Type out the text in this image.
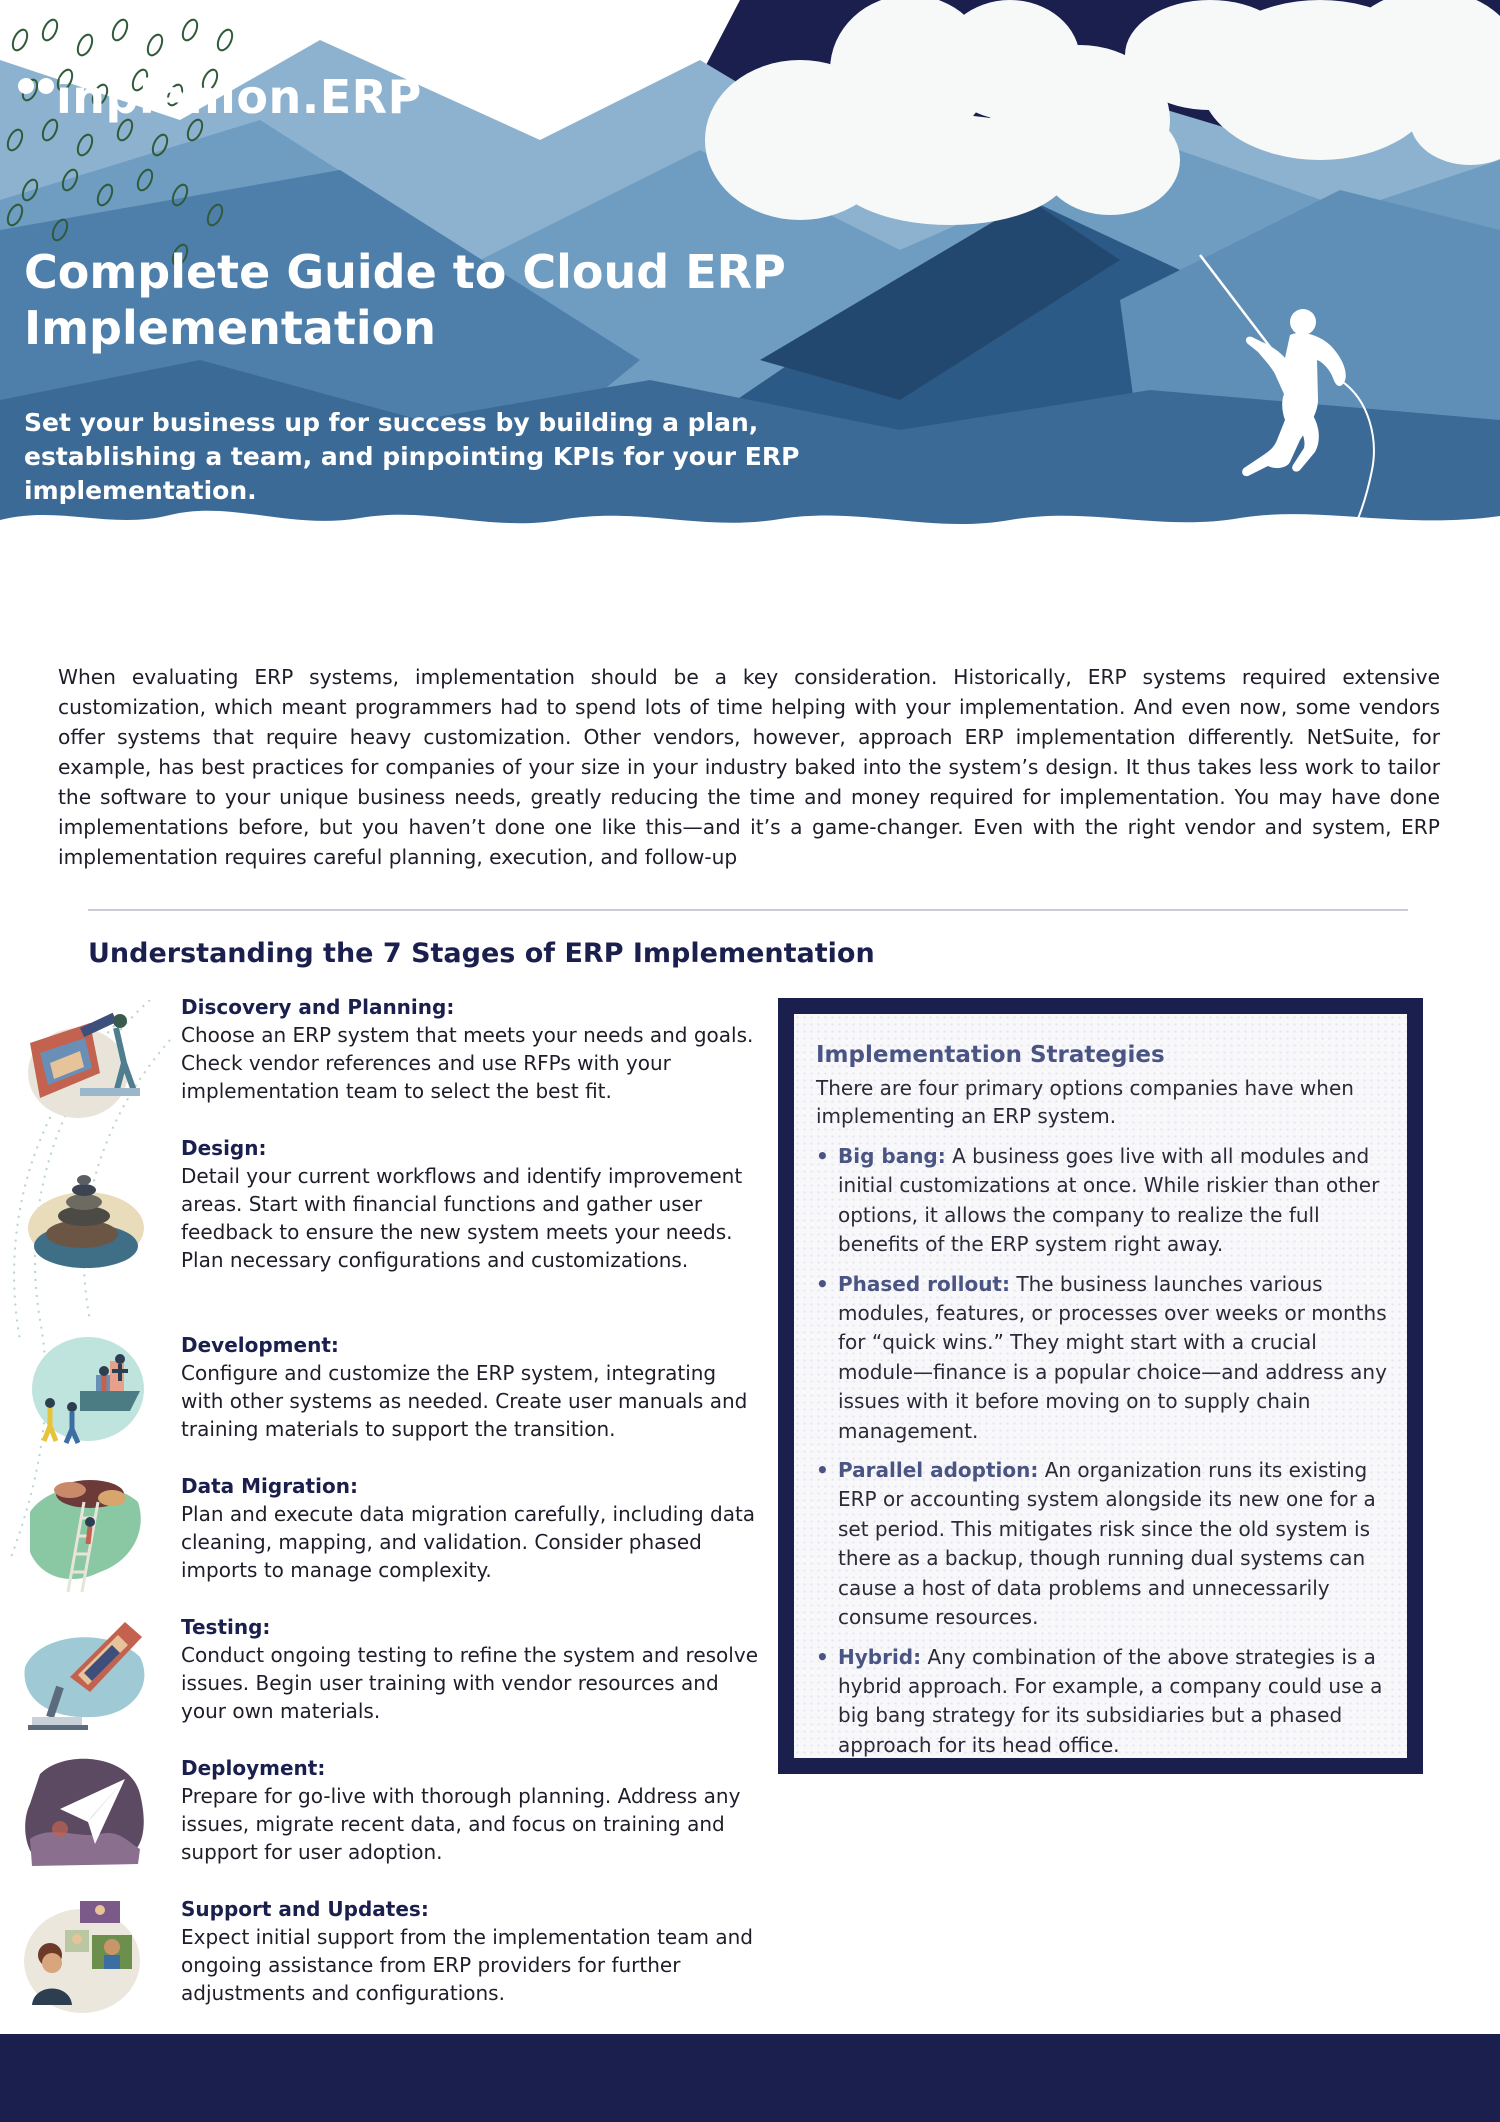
inplenion.ERP
Complete Guide to Cloud ERP Implementation

Set your business up for success by building a plan, establishing a team, and pinpointing KPIs for your ERP implementation.

When evaluating ERP systems, implementation should be a key consideration. Historically, ERP systems required extensive customization, which meant programmers had to spend lots of time helping with your implementation. And even now, some vendors offer systems that require heavy customization. Other vendors, however, approach ERP implementation differently. NetSuite, for example, has best practices for companies of your size in your industry baked into the system’s design. It thus takes less work to tailor the software to your unique business needs, greatly reducing the time and money required for implementation. You may have done implementations before, but you haven’t done one like this—and it’s a game-changer. Even with the right vendor and system, ERP implementation requires careful planning, execution, and follow-up

Understanding the 7 Stages of ERP Implementation
Discovery and Planning:

Choose an ERP system that meets your needs and goals. Check vendor references and use RFPs with your implementation team to select the best fit.

Design:

Detail your current workflows and identify improvement areas. Start with financial functions and gather user feedback to ensure the new system meets your needs. Plan necessary configurations and customizations.

Development:

Configure and customize the ERP system, integrating with other systems as needed. Create user manuals and training materials to support the transition.

Data Migration:

Plan and execute data migration carefully, including data cleaning, mapping, and validation. Consider phased imports to manage complexity.

Testing:

Conduct ongoing testing to refine the system and resolve issues. Begin user training with vendor resources and your own materials.

Deployment:

Prepare for go-live with thorough planning. Address any issues, migrate recent data, and focus on training and support for user adoption.

Support and Updates:

Expect initial support from the implementation team and ongoing assistance from ERP providers for further adjustments and configurations.

Implementation Strategies

There are four primary options companies have when implementing an ERP system.

• Big bang: A business goes live with all modules and initial customizations at once. While riskier than other options, it allows the company to realize the full benefits of the ERP system right away.
• Phased rollout: The business launches various modules, features, or processes over weeks or months for “quick wins.” They might start with a crucial module—finance is a popular choice—and address any issues with it before moving on to supply chain management.
• Parallel adoption: An organization runs its existing ERP or accounting system alongside its new one for a set period. This mitigates risk since the old system is there as a backup, though running dual systems can cause a host of data problems and unnecessarily consume resources.
• Hybrid: Any combination of the above strategies is a hybrid approach. For example, a company could use a big bang strategy for its subsidiaries but a phased approach for its head office.
